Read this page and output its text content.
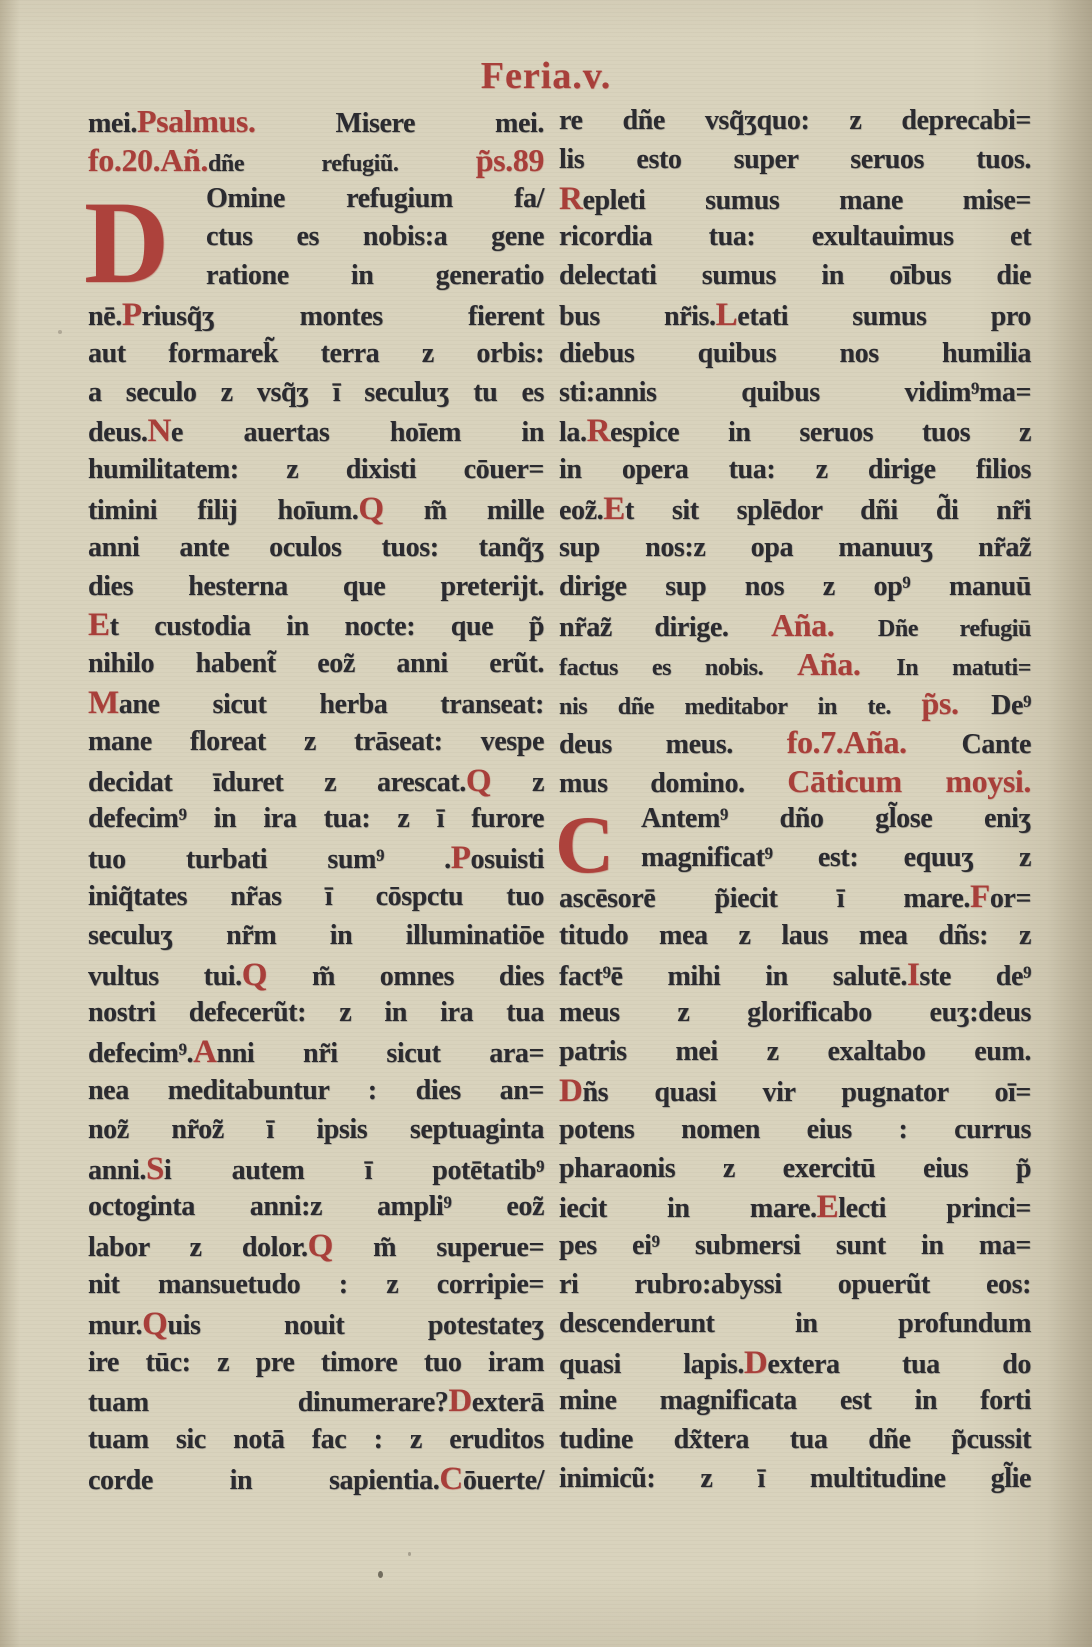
Feria.v.
mei.Psalmus. Misere mei.
fo.20.Añ.dñe refugiũ. p̃s.89
Omine refugium fa/
ctus es nobis:a gene
ratione in generatio
nē.Priusq̃ʒ montes fierent
aut formarek̃ terra z orbis:
a seculo z vsq̃ʒ ī seculuʒ tu es
deus.Ne auertas hoīem in
humilitatem: z dixisti cōuer=
timini filij hoīum.Q m̃ mille
anni ante oculos tuos: tanq̃ʒ
dies hesterna que preterijt.
Et custodia in nocte: que p̃
nihilo habent̃ eoz̃ anni erũt.
Mane sicut herba transeat:
mane floreat z trāseat: vespe
decidat īduret z arescat.Q z
defecim⁹ in ira tua: z ī furore
tuo turbati sum⁹ .Posuisti
iniq̃tates nr̃as ī cōspctu tuo
seculuʒ nr̃m in illuminatiōe
vultus tui.Q m̃ omnes dies
nostri defecerũt: z in ira tua
defecim⁹.Anni nr̃i sicut ara=
nea meditabuntur : dies an=
noz̃ nr̃oz̃ ī ipsis septuaginta
anni.Si autem ī potētatib⁹
octoginta anni:z ampli⁹ eoz̃
labor z dolor.Q m̃ superue=
nit mansuetudo : z corripie=
mur.Quis nouit potestateʒ
ire tūc: z pre timore tuo iram
tuam dinumerare?Dexterā
tuam sic notā fac : z eruditos
corde in sapientia.Cōuerte/
D
re dñe vsq̃ʒquo: z deprecabi=
lis esto super seruos tuos.
Repleti sumus mane mise=
ricordia tua: exultauimus et
delectati sumus in oībus die
bus nr̃is.Letati sumus pro
diebus quibus nos humilia
sti:annis quibus vidim⁹ma=
la.Respice in seruos tuos z
in opera tua: z dirige filios
eoz̃.Et sit splēdor dñi d̃i nr̃i
sup nos:z opa manuuʒ nr̃az̃
dirige sup nos z op⁹ manuū
nr̃az̃ dirige. Aña. Dñe refugiū
factus es nobis. Aña. In matuti=
nis dñe meditabor in te. p̃s. De⁹
deus meus. fo.7.Aña. Cante
mus domino. Cāticum moysi.
Antem⁹ dño gl̃ose eniʒ
magnificat⁹ est: equuʒ z
ascēsorē p̃iecit ī mare.For=
titudo mea z laus mea dñs: z
fact⁹ē mihi in salutē.Iste de⁹
meus z glorificabo euʒ:deus
patris mei z exaltabo eum.
Dñs quasi vir pugnator oī=
potens nomen eius : currus
pharaonis z exercitū eius p̃
iecit in mare.Electi princi=
pes ei⁹ submersi sunt in ma=
ri rubro:abyssi opuerũt eos:
descenderunt in profundum
quasi lapis.Dextera tua do
mine magnificata est in forti
tudine dx̃tera tua dñe p̃cussit
inimicũ: z ī multitudine gl̃ie
C
